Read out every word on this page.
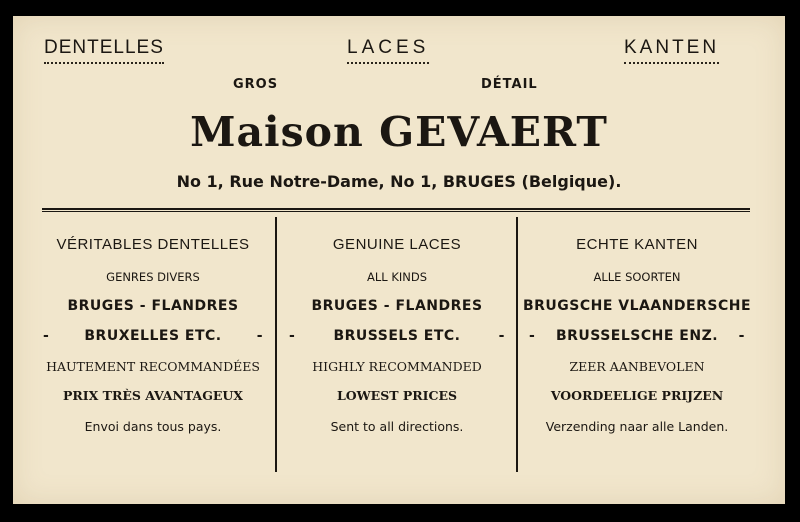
DENTELLES	LACES	KANTEN
GROS	DÉTAIL
Maison GEVAERT
No 1, Rue Notre-Dame, No 1, BRUGES (Belgique).
VÉRITABLES DENTELLES
GENRES DIVERS
BRUGES - FLANDRES
-	BRUXELLES ETC.	-
HAUTEMENT RECOMMANDÉES
PRIX TRÈS AVANTAGEUX
Envoi dans tous pays.
GENUINE LACES
ALL KINDS
BRUGES - FLANDRES
-	BRUSSELS ETC.	-
HIGHLY RECOMMANDED
LOWEST PRICES
Sent to all directions.
ECHTE KANTEN
ALLE SOORTEN
BRUGSCHE VLAANDERSCHE
- BRUSSELSCHE ENZ. -
ZEER AANBEVOLEN
VOORDEELIGE PRIJZEN
Verzending naar alle Landen.
